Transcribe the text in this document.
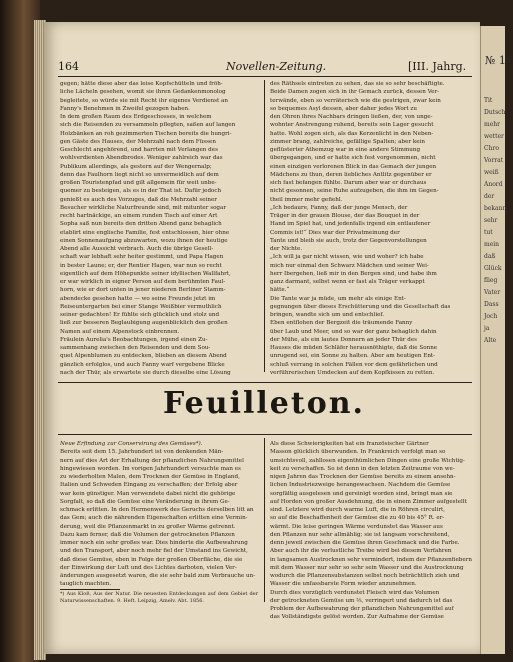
№ 11
Tit
Dutsch
mehr
wetter
Chro
Vorrat
weiß
Anord
der
bekann
sehr
tut
mein
daß
Glück
flieg
Vater
Dass
Joch
ja
Alte
164	Novellen-Zeitung.	[III. Jahrg.
gegen; hätte diese aber das leise Kopfschütteln und fröh-
liche Lächeln gesehen, womit sie ihren Gedankenmonolog
begleitete, so würde sie mit Recht ihr eigenes Verdienst an
Fanny's Benehmen in Zweifel gezogen haben.
In dem großen Raum des Erdgeschosses, in welchem
sich die Reisenden zu versammeln pflegten, saßen auf langen
Holzbänken an roh gezimmerten Tischen bereits die hungri-
gen Gäste des Hauses, der Mehrzahl nach dem Füssen
Geschlecht angehörend, und harrten mit Verlangen des
wohlverdienten Abendbrodes. Weniger zahlreich war das
Publikum allerdings, als gestern auf der Wengernalp;
denn das Faulhorn liegt nicht so unvermeidlich auf dem
großen Touristenpfad und gilt allgemein für weit unbe-
quemer zu besteigen, als es in der That ist. Dafür jedoch
genießt es auch des Vorzuges, daß die Mehrzahl seiner
Besucher wirkliche Naturfreunde sind, mit mitunter sogar
recht hartnäckige, an einem runden Tisch auf einer Art
Sopha saß nun bereits den dritten Abend ganz behaglich
etablirt eine englische Familie, fest entschlossen, hier ohne
einen Sonnenaufgang abzuwarten, wozu ihnen der heutige
Abend alle Aussicht verbrach. Auch die übrige Gesell-
schaft war lebhaft sehr heiter gestimmt, und Papa Hagen
in bester Laune; er, der Rentier Hagen, war nun so recht
eigentlich auf dem Höhepunkte seiner idyllischen Wallfahrt,
er war wirklich in eigner Person auf dem berühmten Faul-
horn, wie er dort unten in jener niederen Berliner Stamm-
abendecke gesehen hatte — wo seine Freunde jetzt im
Reiseuntergarten bei einer Stange Weißbier vermuthlich
seiner gedachten! Er fühlte sich glücklich und stolz und
ließ zur besseren Beglaubigung augenblicklich den großen
Namen auf einem Alpenstock einbrennen.
Fräulein Aurelia's Beobachtungen, irgend einen Zu-
sammenhang zwischen den Reisenden und dem Sou-
quet Alpenblumen zu entdecken, blieben an diesem Abend
gänzlich erfolglos, und auch Fanny warf vergebene Blicke
nach der Thür, als erwartete sie durch dieselbe eine Lösung
des Räthsels eintreten zu sehen, das sie so sehr beschäftigte.
Beide Damen zogen sich in ihr Gemach zurück, dessen Ver-
terwände, eben so verräterisch wie die gestrigen, zwar kein
so bequemes Asyl dessen, aber daher jedes Wort zu
den Ohren ihres Nachbars dringen ließen, der, von unge-
wohnter Anstrengung ruhend, bereits sein Lager gesucht
hatte. Wohl zogen sich, als das Kerzenlicht in den Neben-
zimmer brang, zahlreiche, gefällige Spalten; aber kein
geflüsterter Athemzug war in eine andere Stimmung
übergegangen, und er hatte sich fest vorgenommen, nicht
einen einzigen verlorenen Blick in das Gemach der jungen
Mädchens zu thun, deren liebliches Antlitz gegenüber er
sich fast befangen fühlte. Darum aber war er durchaus
nicht gesonnen, seine Ruhe aufzugeben, die ihm im Gegen-
theil immer mehr gefiehl.
„Ich bedaure, Fanny, daß der junge Mensch, der
Träger in der grauen Blouse, der das Bouquet in der
Hand im Spiel hat, und jedenfalls irgend ein entlaufener
Commis ist!“ Dies war der Privatmeinung der
Tante und bleib sie auch, trotz der Gegenvorstellungen
der Nichte.
„Ich will ja gar nicht wissen, wie und woher? ich habe
mich nur einmal den Schwarz Mädchen und seiner Wei-
herr Ibergehen, ließ mir in den Bergen sind, und habe ihm
ganz darmant, selbst wenn er fast als Träger verkappt
hätte.“
Die Tante war ja müde, um mehr als einige Ent-
gegnungen über dieses Erschütterung und die Gesellschaft das
bringen, wandte sich um und entschlief.
Eben entflohen der Bergzeit die träumende Fanny
über Laub und Meer, und so war der ganz behaglich dahin
der Mühe, als ein lautes Donnern an jeder Thür des
Hauses die müden Schläfer herausnöthigte, daß die Sonne
unrugend sei, ein Sonne zu halten. Aber am heutigen Ent-
schluß verrang in solchen Fällen vor dem gefährlichen und
verführerischen Umdecken auf dem Kopfkissen zu retten.
Feuilleton.
Neue Erfindung zur Conservirung des Gemüses*).
Bereits seit dem 15. Jahrhundert ist von denkenden Män-
nern auf dies Art der Erhaltung der pflanzlichen Nahrungsmittel
hingewiesen worden. Im vorigen Jahrhundert versuchte man es
zu wiederholten Malen, dem Trocknen der Gemüse in England,
Italien und Schweden Eingang zu verschaffen; der Erfolg aber
war kein günstiger. Man verwendete dabei nicht die gehörige
Sorgfalt, so daß die Gemüse eine Veränderung in ihrem Ge-
schmack erlitten. In den Hermenwerk des Geruchs derselben litt an
das Gem; auch die nährenden Eigenschaften erlitten eine Vermin-
derung, weil die Pflanzenmarkt in zu großer Wärme getrennt.
Dazu kam ferner, daß die Volumen der getrockneten Pflanzen
immer noch ein sehr großes war. Dies hinderte die Aufbewahrung
und den Transport, aber noch mehr fiel der Umstand ins Gewicht,
daß diese Gemüse, eben in Folge der großen Oberfläche, die sie
der Einwirkung der Luft und des Lichtes darboten, vielen Ver-
änderungen ausgesetzt waren, die sie sehr bald zum Verbrauche un-
tauglich machten.
*) Aus Kloß, Aus der Natur. Die neuesten Entdeckungen auf dem Gebiet der Naturwissenschaften. 9. Heft. Leipzig, Amelv. Abt. 1856.
Als diese Schwierigkeiten hat ein französischer Gärtner
Masson glücklich überwunden. In Frankreich verfolgt man so
umsichtsvoll, zahllosen eigenthümlichen Dingen eine große Wichtig-
keit zu verschaffen. So ist denn in den letzten Zeitraume von we-
nigen Jahren das Trocknen der Gemüse bereits zu einem ansehn-
lichen Industriezweige herangewachsen. Nachdem die Gemüse
sorgfältig ausgelesen und gereinigt worden sind, bringt man sie
auf Horden von großer Ausdehnung, die in einem Zimmer aufgestellt
sind. Letztere wird durch warme Luft, die in Röhren circulirt,
so auf die Beschaffenheit der Gemüse die zu 40 bis 45° R. er-
wärmt. Die leise geringen Wärme verdunstet das Wasser aus
den Pflanzen nur sehr allmählig; sie ist langsam vorschreitend,
denn jeweil zwischen die Gemüse ihren Geschmack und die Farbe.
Aber auch ihr die verlustliche Treibe wird bei diesem Verfahren
in langsamen Austrocknen sehr vermindert, indem der Pflanzenfiebern
mit dem Wasser nur sehr so sehr sein Wasser und die Austrocknung
wodurch die Pflanzensubstanzen selbst noch beträchtlich zieh und
Wasser die unfassbarste Form wieder anzunehmen.
Durch dies vorzüglich verdunstet Fleisch wird das Volumen
der getrockneten Gemüse um ⅔, verringert und dadurch ist das
Problem der Aufbewahrung der pflanzlichen Nahrungsmittel auf
das Vollständigste gelöst worden. Zur Aufnahme der Gemüse
